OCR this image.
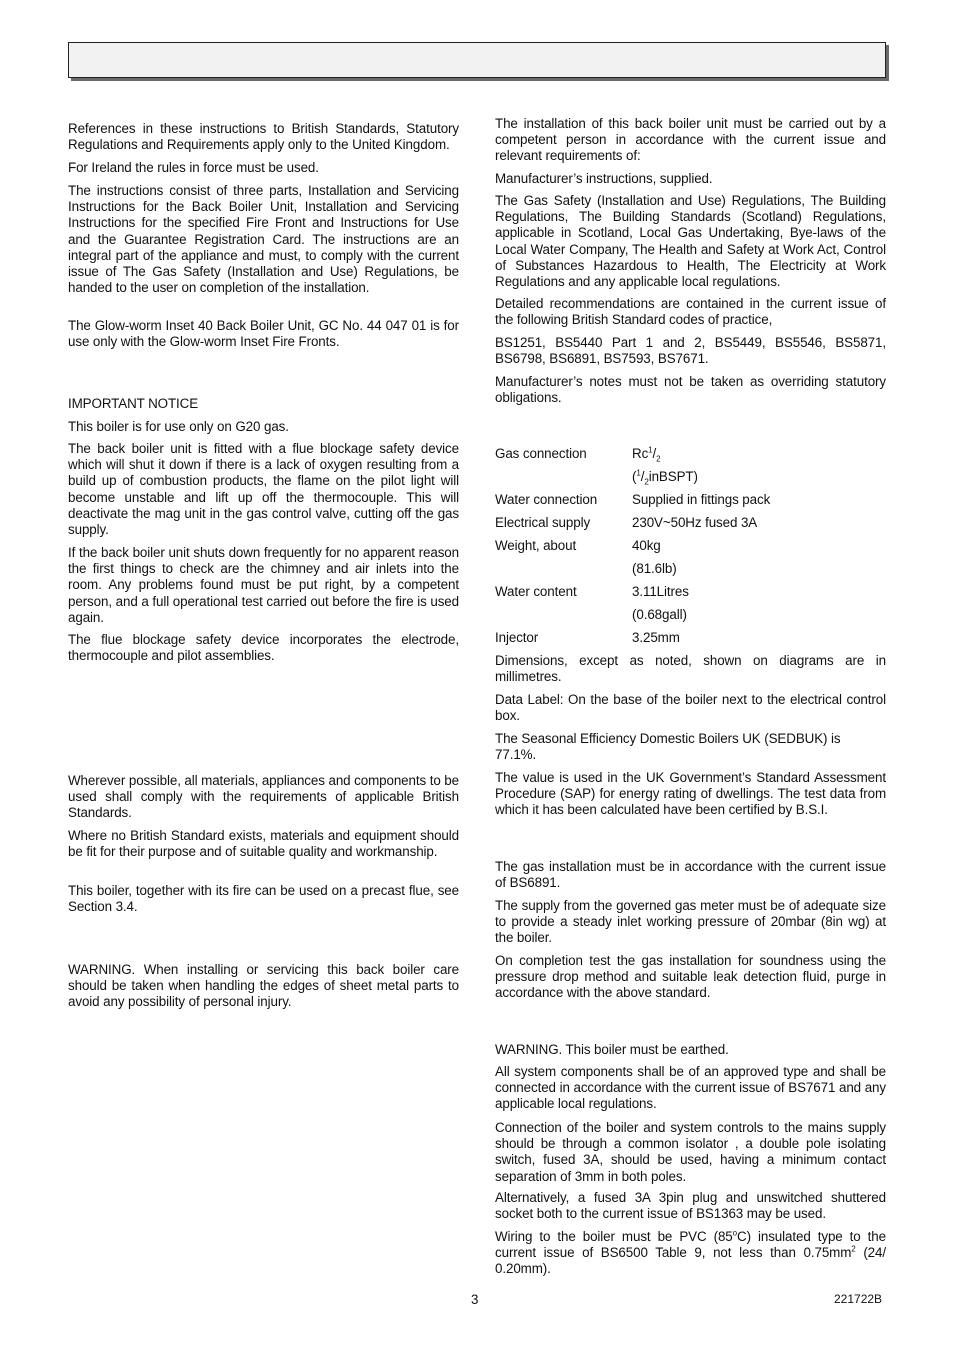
References in these instructions to British Standards, Statutory Regulations and Requirements apply only to the United Kingdom.

For Ireland the rules in force must be used.

The instructions consist of three parts, Installation and Servicing Instructions for the Back Boiler Unit, Installation and Servicing Instructions for the specified Fire Front and Instructions for Use and the Guarantee Registration Card. The instructions are an integral part of the appliance and must, to comply with the current issue of The Gas Safety (Installation and Use) Regulations, be handed to the user on completion of the installation.

The Glow-worm Inset 40 Back Boiler Unit, GC No. 44 047 01 is for use only with the Glow-worm Inset Fire Fronts.

IMPORTANT NOTICE

This boiler is for use only on G20 gas.

The back boiler unit is fitted with a flue blockage safety device which will shut it down if there is a lack of oxygen resulting from a build up of combustion products, the flame on the pilot light will become unstable and lift up off the thermocouple. This will deactivate the mag unit in the gas control valve, cutting off the gas supply.

If the back boiler unit shuts down frequently for no apparent reason the first things to check are the chimney and air inlets into the room. Any problems found must be put right, by a competent person, and a full operational test carried out before the fire is used again.

The flue blockage safety device incorporates the electrode, thermocouple and pilot assemblies.

Wherever possible, all materials, appliances and components to be used shall comply with the requirements of applicable British Standards.

Where no British Standard exists, materials and equipment should be fit for their purpose and of suitable quality and workmanship.

This boiler, together with its fire can be used on a precast flue, see Section 3.4.

WARNING. When installing or servicing this back boiler care should be taken when handling the edges of sheet metal parts to avoid any possibility of personal injury.

The installation of this back boiler unit must be carried out by a competent person in accordance with the current issue and relevant requirements of:

Manufacturer’s instructions, supplied.

The Gas Safety (Installation and Use) Regulations, The Building Regulations, The Building Standards (Scotland) Regulations, applicable in Scotland, Local Gas Undertaking, Bye-laws of the Local Water Company, The Health and Safety at Work Act, Control of Substances Hazardous to Health, The Electricity at Work Regulations and any applicable local regulations.

Detailed recommendations are contained in the current issue of the following British Standard codes of practice,

BS1251, BS5440 Part 1 and 2, BS5449, BS5546, BS5871, BS6798, BS6891, BS7593, BS7671.

Manufacturer’s notes must not be taken as overriding statutory obligations.

Gas connection	$Rc^1/_2$
$(^1/_2inBSPT)$
Water connection	Supplied in fittings pack
Electrical supply	230V~50Hz fused 3A
Weight, about	40kg
(81.6lb)
Water content	3.11Litres
(0.68gall)
Injector	3.25mm

Dimensions, except as noted, shown on diagrams are in millimetres.

Data Label: On the base of the boiler next to the electrical control box.

The Seasonal Efficiency Domestic Boilers UK (SEDBUK) is 77.1%.

The value is used in the UK Government’s Standard Assessment Procedure (SAP) for energy rating of dwellings. The test data from which it has been calculated have been certified by B.S.I.

The gas installation must be in accordance with the current issue of BS6891.

The supply from the governed gas meter must be of adequate size to provide a steady inlet working pressure of 20mbar (8in wg) at the boiler.

On completion test the gas installation for soundness using the pressure drop method and suitable leak detection fluid, purge in accordance with the above standard.

WARNING. This boiler must be earthed.

All system components shall be of an approved type and shall be connected in accordance with the current issue of BS7671 and any applicable local regulations.

Connection of the boiler and system controls to the mains supply should be through a common isolator , a double pole isolating switch, fused 3A, should be used, having a minimum contact separation of 3mm in both poles.

Alternatively, a fused 3A 3pin plug and unswitched shuttered socket both to the current issue of BS1363 may be used.

Wiring to the boiler must be PVC (85$^o$C) insulated type to the current issue of BS6500 Table 9, not less than $0.75mm^2$ (24/ 0.20mm).

3	221722B
